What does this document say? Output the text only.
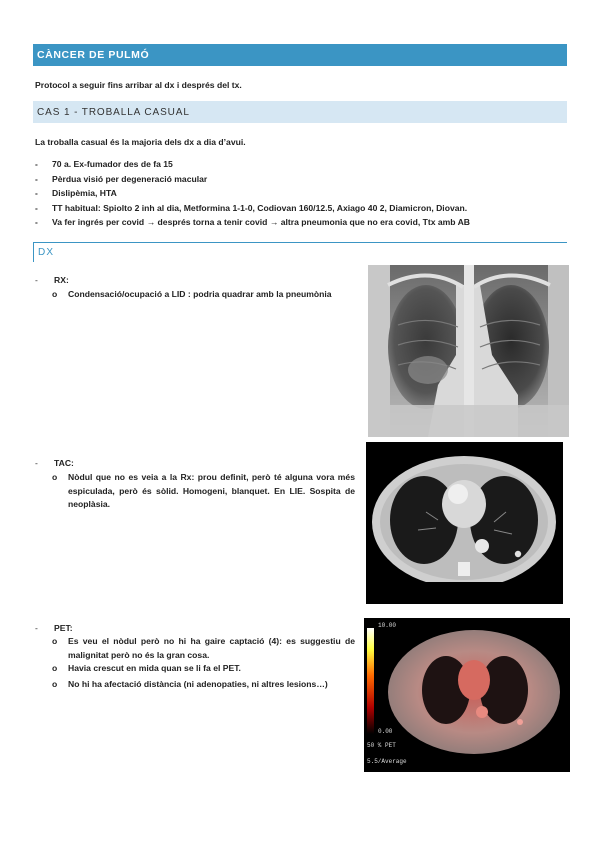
CÀNCER DE PULMÓ
Protocol a seguir fins arribar al dx i després del tx.
CAS 1 - TROBALLA CASUAL
La troballa casual és la majoria dels dx a dia d’avui.
- 70 a. Ex-fumador des de fa 15
- Pèrdua visió per degeneració macular
- Dislipèmia, HTA
- TT habitual: Spiolto 2 inh al dia, Metformina 1-1-0, Codiovan 160/12.5, Axiago 40 2, Diamicron, Diovan.
- Va fer ingrés per covid → després torna a tenir covid → altra pneumonia que no era covid, Ttx amb AB
DX
- RX:
o Condensació/ocupació a LID : podria quadrar amb la pneumònia
- TAC:
o Nòdul que no es veia a la Rx: prou definit, però té alguna vora més espiculada, però és sòlid. Homogeni, blanquet. En LIE. Sospita de neoplàsia.
- PET:
o Es veu el nòdul però no hi ha gaire captació (4): es suggestiu de malignitat però no és la gran cosa.
o Havia crescut en mida quan se li fa el PET.
o No hi ha afectació distància (ni adenopaties, ni altres lesions…)
10.00
0.00
50 % PET
5.5/Average
